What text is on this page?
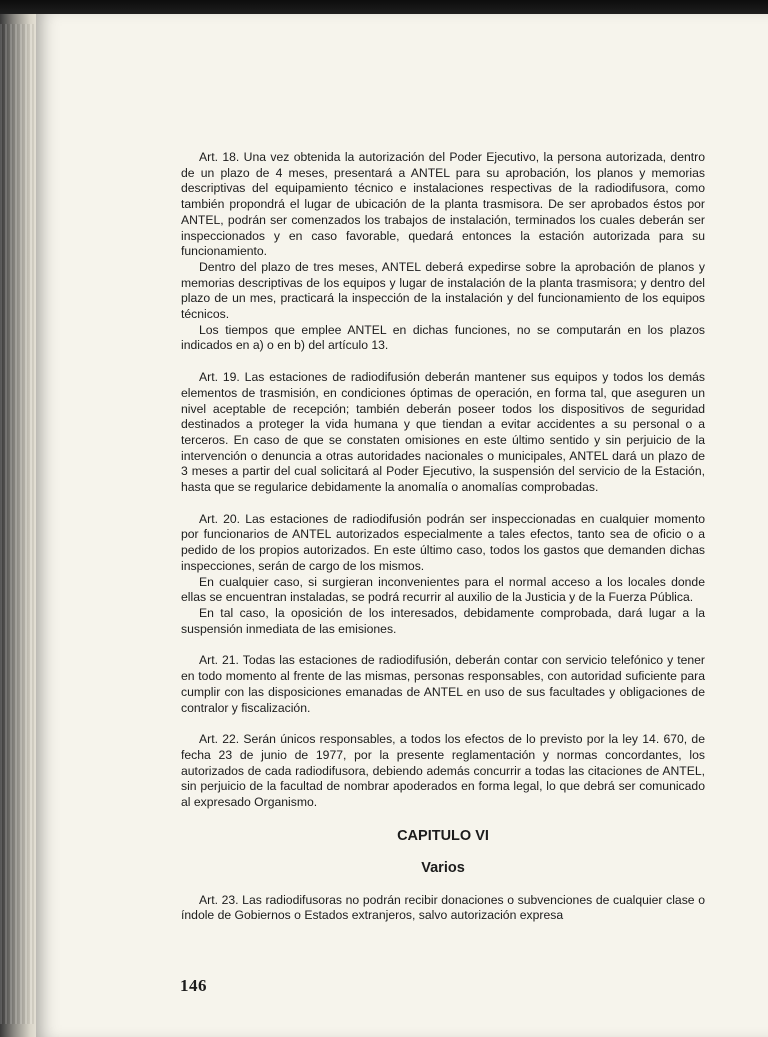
Art. 18. Una vez obtenida la autorización del Poder Ejecutivo, la persona autorizada, dentro de un plazo de 4 meses, presentará a ANTEL para su aprobación, los planos y memorias descriptivas del equipamiento técnico e instalaciones respectivas de la radiodifusora, como también propondrá el lugar de ubicación de la planta trasmisora. De ser aprobados éstos por ANTEL, podrán ser comenzados los trabajos de instalación, terminados los cuales deberán ser inspeccionados y en caso favorable, quedará entonces la estación autorizada para su funcionamiento.

Dentro del plazo de tres meses, ANTEL deberá expedirse sobre la aprobación de planos y memorias descriptivas de los equipos y lugar de instalación de la planta trasmisora; y dentro del plazo de un mes, practicará la inspección de la instalación y del funcionamiento de los equipos técnicos.

Los tiempos que emplee ANTEL en dichas funciones, no se computarán en los plazos indicados en a) o en b) del artículo 13.

Art. 19. Las estaciones de radiodifusión deberán mantener sus equipos y todos los demás elementos de trasmisión, en condiciones óptimas de operación, en forma tal, que aseguren un nivel aceptable de recepción; también deberán poseer todos los dispositivos de seguridad destinados a proteger la vida humana y que tiendan a evitar accidentes a su personal o a terceros. En caso de que se constaten omisiones en este último sentido y sin perjuicio de la intervención o denuncia a otras autoridades nacionales o municipales, ANTEL dará un plazo de 3 meses a partir del cual solicitará al Poder Ejecutivo, la suspensión del servicio de la Estación, hasta que se regularice debidamente la anomalía o anomalías comprobadas.

Art. 20. Las estaciones de radiodifusión podrán ser inspeccionadas en cualquier momento por funcionarios de ANTEL autorizados especialmente a tales efectos, tanto sea de oficio o a pedido de los propios autorizados. En este último caso, todos los gastos que demanden dichas inspecciones, serán de cargo de los mismos.

En cualquier caso, si surgieran inconvenientes para el normal acceso a los locales donde ellas se encuentran instaladas, se podrá recurrir al auxilio de la Justicia y de la Fuerza Pública.

En tal caso, la oposición de los interesados, debidamente comprobada, dará lugar a la suspensión inmediata de las emisiones.

Art. 21. Todas las estaciones de radiodifusión, deberán contar con servicio telefónico y tener en todo momento al frente de las mismas, personas responsables, con autoridad suficiente para cumplir con las disposiciones emanadas de ANTEL en uso de sus facultades y obligaciones de contralor y fiscalización.

Art. 22. Serán únicos responsables, a todos los efectos de lo previsto por la ley 14. 670, de fecha 23 de junio de 1977, por la presente reglamentación y normas concordantes, los autorizados de cada radiodifusora, debiendo además concurrir a todas las citaciones de ANTEL, sin perjuicio de la facultad de nombrar apoderados en forma legal, lo que debrá ser comunicado al expresado Organismo.

CAPITULO VI
Varios

Art. 23. Las radiodifusoras no podrán recibir donaciones o subvenciones de cualquier clase o índole de Gobiernos o Estados extranjeros, salvo autorización expresa

146
